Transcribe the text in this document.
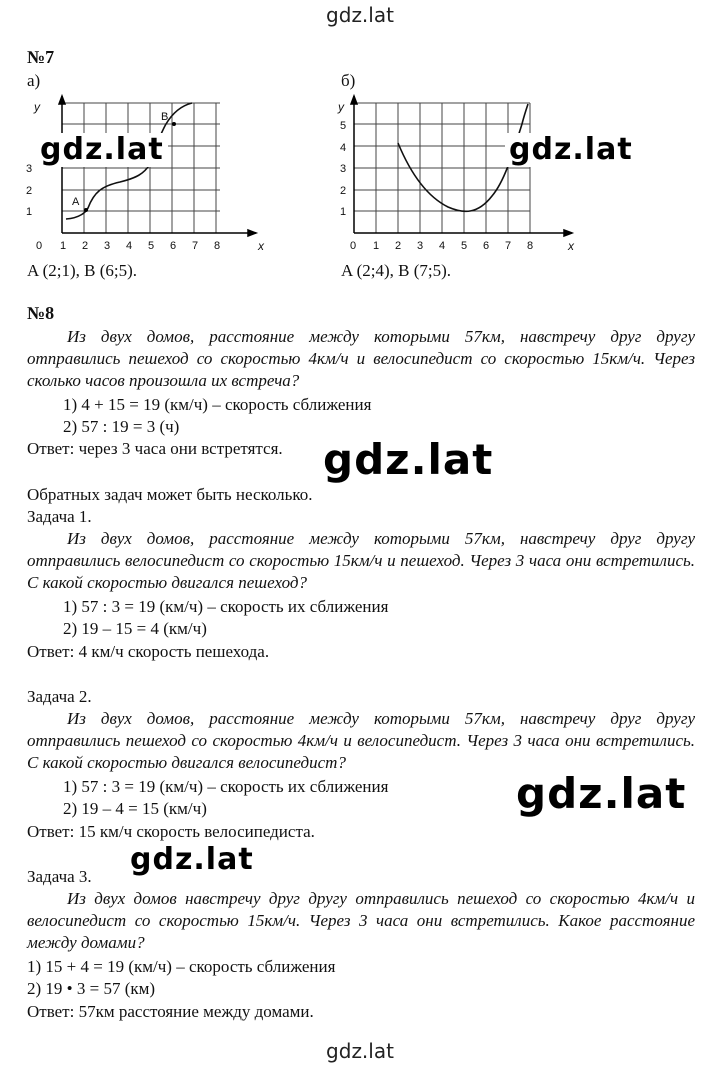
gdz.lat
№7
а)	б)
y
x
0 1 2 3 4 5 6 7 8
1
2
3
A
B
y
x
0 1 2 3 4 5 6 7 8
1
2
3
4
5
A (2;1), B (6;5).	A (2;4), B (7;5).
№8
Из двух домов, расстояние между которыми 57км, навстречу друг другу отправились пешеход со скоростью 4км/ч и велосипедист со скоростью 15км/ч. Через сколько часов произошла их встреча?
1) 4 + 15 = 19 (км/ч) – скорость сближения
2) 57 : 19 = 3 (ч)
Ответ: через 3 часа они встретятся.
Обратных задач может быть несколько.
Задача 1.
Из двух домов, расстояние между которыми 57км, навстречу друг другу отправились велосипедист со скоростью 15км/ч и пешеход. Через 3 часа они встретились. С какой скоростью двигался пешеход?
1) 57 : 3 = 19 (км/ч) – скорость их сближения
2) 19 – 15 = 4 (км/ч)
Ответ: 4 км/ч скорость пешехода.
Задача 2.
Из двух домов, расстояние между которыми 57км, навстречу друг другу отправились пешеход со скоростью 4км/ч и велосипедист. Через 3 часа они встретились. С какой скоростью двигался велосипедист?
1) 57 : 3 = 19 (км/ч) – скорость их сближения
2) 19 – 4 = 15 (км/ч)
Ответ: 15 км/ч скорость велосипедиста.
Задача 3.
Из двух домов навстречу друг другу отправились пешеход со скоростью 4км/ч и велосипедист со скоростью 15км/ч. Через 3 часа они встретились. Какое расстояние между домами?
1) 15 + 4 = 19 (км/ч) – скорость сближения
2) 19 • 3 = 57 (км)
Ответ: 57км расстояние между домами.
gdz.lat	gdz.lat
gdz.lat
gdz.lat
gdz.lat
gdz.lat
